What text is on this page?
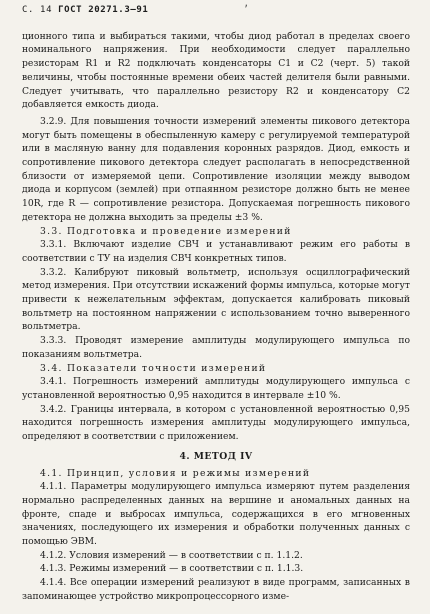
С. 14 ГОСТ 20271.3—91	ʼ

ционного типа и выбираться такими, чтобы диод работал в пределах своего номинального напряжения. При необходимости следует параллельно резисторам R1 и R2 подключать конденсаторы С1 и С2 (черт. 5) такой величины, чтобы постоянные времени обеих частей делителя были равными. Следует учитывать, что параллельно резистору R2 и конденсатору С2 добавляется емкость диода.

3.2.9. Для повышения точности измерений элементы пикового детектора могут быть помещены в обеспыленную камеру с регулируемой температурой или в масляную ванну для подавления коронных разрядов. Диод, емкость и сопротивление пикового детектора следует располагать в непосредственной близости от измеряемой цепи. Сопротивление изоляции между выводом диода и корпусом (землей) при отпаянном резисторе должно быть не менее 10R, где R — сопротивление резистора. Допускаемая погрешность пикового детектора не должна выходить за пределы ±3 %.

3.3. Подготовка и проведение измерений

3.3.1. Включают изделие СВЧ и устанавливают режим его работы в соответствии с ТУ на изделия СВЧ конкретных типов.

3.3.2. Калибруют пиковый вольтметр, используя осциллографический метод измерения. При отсутствии искажений формы импульса, которые могут привести к нежелательным эффектам, допускается калибровать пиковый вольтметр на постоянном напряжении с использованием точно выверенного вольтметра.

3.3.3. Проводят измерение амплитуды модулирующего импульса по показаниям вольтметра.

3.4. Показатели точности измерений

3.4.1. Погрешность измерений амплитуды модулирующего импульса с установленной вероятностью 0,95 находится в интервале ±10 %.

3.4.2. Границы интервала, в котором с установленной вероятностью 0,95 находится погрешность измерения амплитуды модулирующего импульса, определяют в соответствии с приложением.

4. МЕТОД IV

4.1. Принцип, условия и режимы измерений

4.1.1. Параметры модулирующего импульса измеряют путем разделения нормально распределенных данных на вершине и аномальных данных на фронте, спаде и выбросах импульса, содержащихся в его мгновенных значениях, последующего их измерения и обработки полученных данных с помощью ЭВМ.

4.1.2. Условия измерений — в соответствии с п. 1.1.2.

4.1.3. Режимы измерений — в соответствии с п. 1.1.3.

4.1.4. Все операции измерений реализуют в виде программ, записанных в запоминающее устройство микропроцессорного изме-
